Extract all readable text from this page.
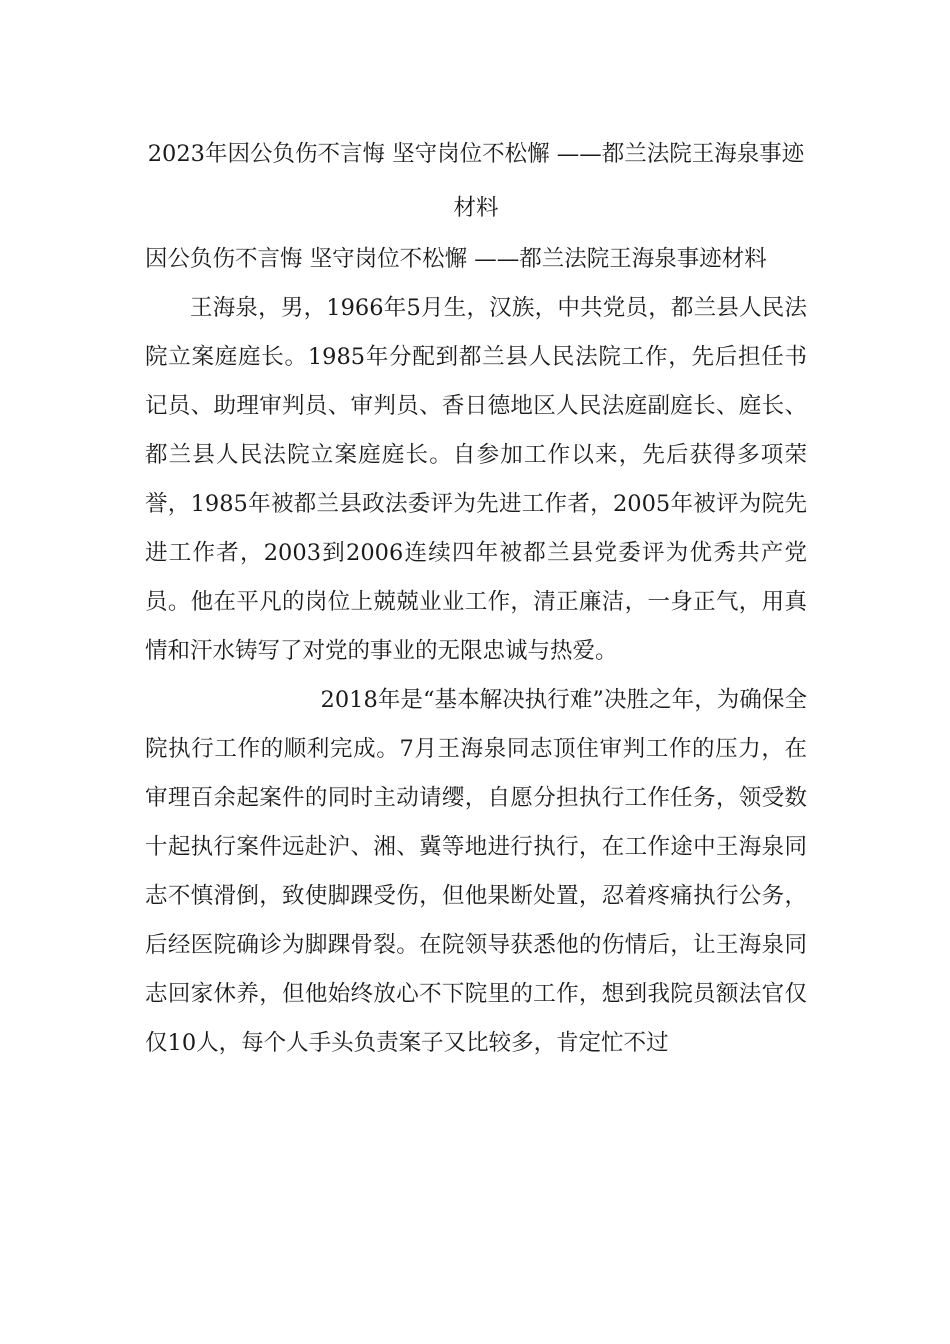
2023年因公负伤不言悔 坚守岗位不松懈 ——都兰法院王海泉事迹材料

因公负伤不言悔 坚守岗位不松懈 ——都兰法院王海泉事迹材料

王海泉，男，1966年5月生，汉族，中共党员，都兰县人民法院立案庭庭长。1985年分配到都兰县人民法院工作，先后担任书记员、助理审判员、审判员、香日德地区人民法庭副庭长、庭长、都兰县人民法院立案庭庭长。自参加工作以来，先后获得多项荣誉，1985年被都兰县政法委评为先进工作者，2005年被评为院先进工作者，2003到2006连续四年被都兰县党委评为优秀共产党员。他在平凡的岗位上兢兢业业工作，清正廉洁，一身正气，用真情和汗水铸写了对党的事业的无限忠诚与热爱。

2018年是“基本解决执行难”决胜之年，为确保全院执行工作的顺利完成。7月王海泉同志顶住审判工作的压力，在审理百余起案件的同时主动请缨，自愿分担执行工作任务，领受数十起执行案件远赴沪、湘、冀等地进行执行，在工作途中王海泉同志不慎滑倒，致使脚踝受伤，但他果断处置，忍着疼痛执行公务，后经医院确诊为脚踝骨裂。在院领导获悉他的伤情后，让王海泉同志回家休养，但他始终放心不下院里的工作，想到我院员额法官仅仅10人，每个人手头负责案子又比较多，肯定忙不过
